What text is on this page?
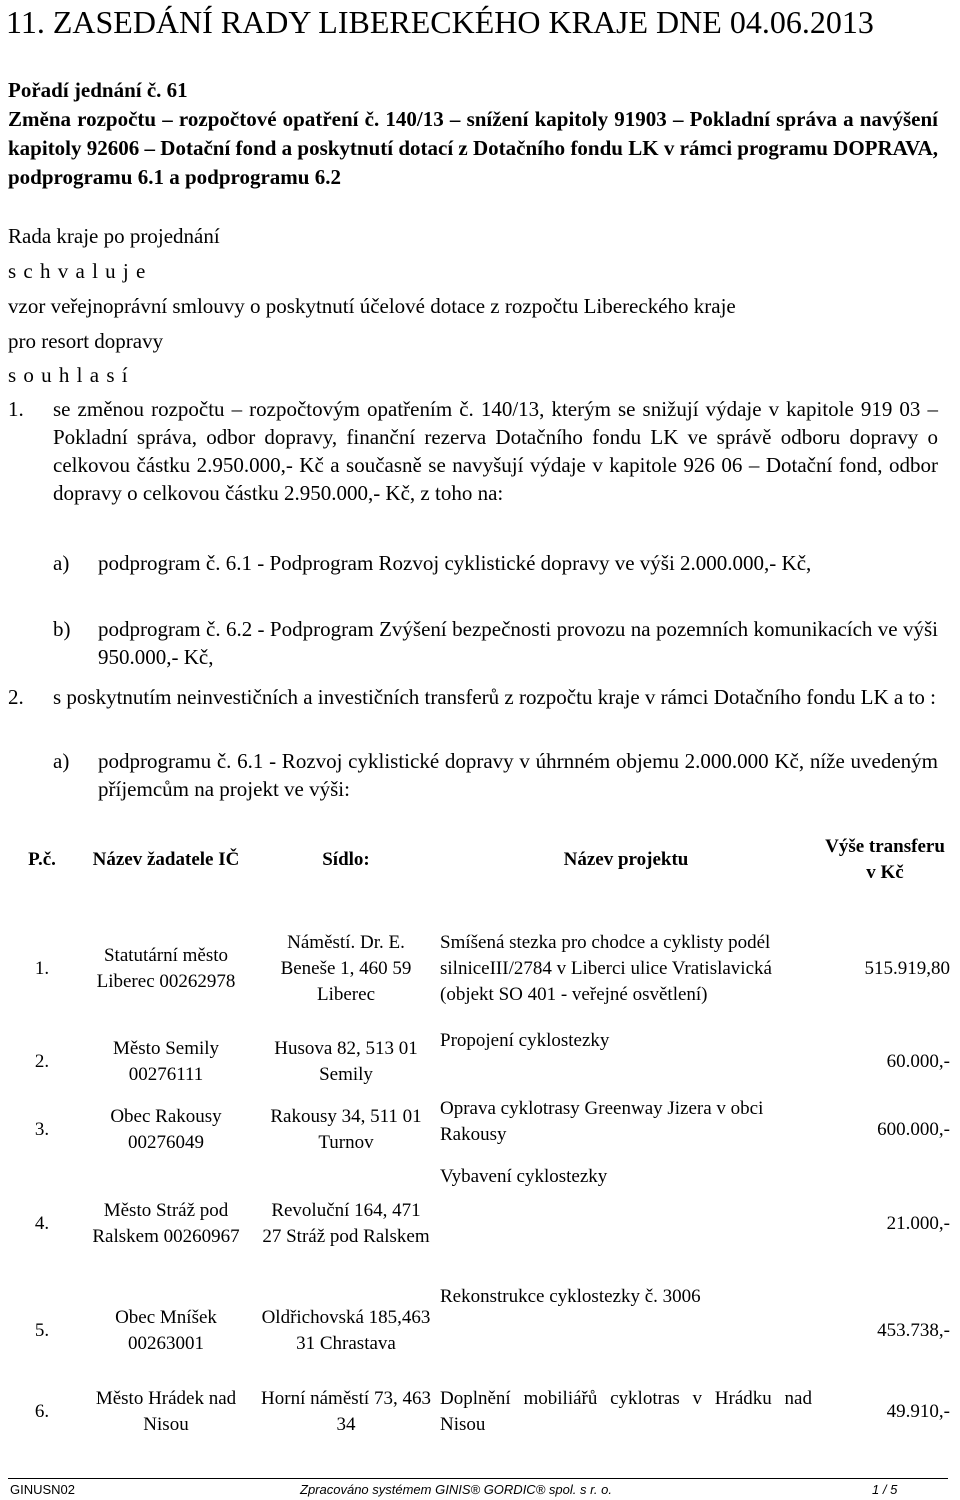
11. ZASEDÁNÍ RADY LIBERECKÉHO KRAJE DNE 04.06.2013
Pořadí jednání č. 61
Změna rozpočtu – rozpočtové opatření č. 140/13 – snížení kapitoly 91903 – Pokladní správa a navýšení kapitoly 92606 – Dotační fond a poskytnutí dotací z Dotačního fondu LK v rámci programu DOPRAVA, podprogramu 6.1 a podprogramu 6.2
Rada kraje po projednání
s c h v a l u j e
vzor veřejnoprávní smlouvy o poskytnutí účelové dotace z rozpočtu Libereckého kraje
pro resort dopravy
s o u h l a s í
1. se změnou rozpočtu – rozpočtovým opatřením č. 140/13, kterým se snižují výdaje v kapitole 919 03 – Pokladní správa, odbor dopravy, finanční rezerva Dotačního fondu LK ve správě odboru dopravy o celkovou částku 2.950.000,- Kč a současně se navyšují výdaje v kapitole 926 06 – Dotační fond, odbor dopravy o celkovou částku 2.950.000,- Kč, z toho na:
a) podprogram č. 6.1 - Podprogram Rozvoj cyklistické dopravy ve výši 2.000.000,- Kč,
b) podprogram č. 6.2 - Podprogram Zvýšení bezpečnosti provozu na pozemních komunikacích ve výši 950.000,- Kč,
2. s poskytnutím neinvestičních a investičních transferů z rozpočtu kraje v rámci Dotačního fondu LK a to :
a) podprogramu č. 6.1 - Rozvoj cyklistické dopravy v úhrnném objemu 2.000.000 Kč, níže uvedeným příjemcům na projekt ve výši:
P.č.	Název žadatele IČ	Sídlo:	Název projektu	Výše transferu v Kč
1.	Statutární město Liberec 00262978	Náměstí. Dr. E. Beneše 1, 460 59 Liberec	Smíšená stezka pro chodce a cyklisty podél silniceIII/2784 v Liberci ulice Vratislavická (objekt SO 401 - veřejné osvětlení)	515.919,80
2.	Město Semily 00276111	Husova 82, 513 01 Semily	Propojení cyklostezky	60.000,-
3.	Obec Rakousy 00276049	Rakousy 34, 511 01 Turnov	Oprava cyklotrasy Greenway Jizera v obci Rakousy	600.000,-
4.	Město Stráž pod Ralskem 00260967	Revoluční 164, 471 27 Stráž pod Ralskem	Vybavení cyklostezky	21.000,-
5.	Obec Mníšek 00263001	Oldřichovská 185,463 31 Chrastava	Rekonstrukce cyklostezky č. 3006	453.738,-
6.	Město Hrádek nad Nisou	Horní náměstí 73, 463 34	Doplnění mobiliářů cyklotras v Hrádku nad Nisou	49.910,-
GINUSN02	Zpracováno systémem GINIS® GORDIC® spol. s r. o.	1 / 5
